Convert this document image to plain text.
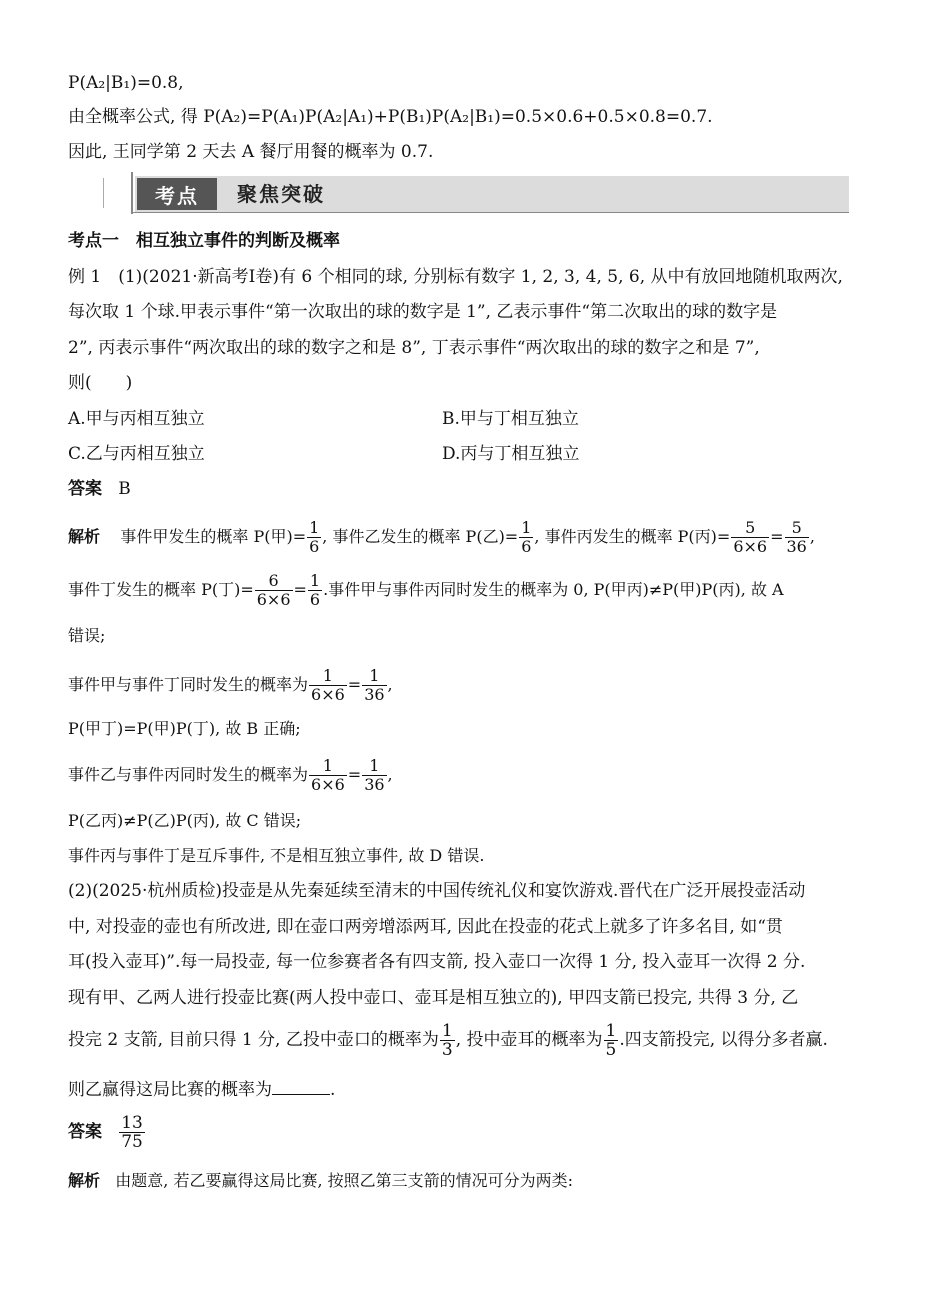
P(A₂|B₁)=0.8,
由全概率公式, 得 P(A₂)=P(A₁)P(A₂|A₁)+P(B₁)P(A₂|B₁)=0.5×0.6+0.5×0.8=0.7.
因此, 王同学第 2 天去 A 餐厅用餐的概率为 0.7.
考点	聚焦突破
考点一　相互独立事件的判断及概率
例 1　(1)(2021·新高考Ⅰ卷)有 6 个相同的球, 分别标有数字 1, 2, 3, 4, 5, 6, 从中有放回地随机取两次,
每次取 1 个球.甲表示事件“第一次取出的球的数字是 1”, 乙表示事件“第二次取出的球的数字是
2”, 丙表示事件“两次取出的球的数字之和是 8”, 丁表示事件“两次取出的球的数字之和是 7”,
则(　　)
A.甲与丙相互独立	B.甲与丁相互独立
C.乙与丙相互独立	D.丙与丁相互独立
答案 B
解析 事件甲发生的概率 P(甲)= $\frac{1}{6}$ , 事件乙发生的概率 P(乙)= $\frac{1}{6}$ , 事件丙发生的概率 P(丙)= $\frac{5}{6\times 6} = \frac{5}{36}$ ,
事件丁发生的概率 P(丁)= $\frac{6}{6\times 6} = \frac{1}{6}$ .事件甲与事件丙同时发生的概率为 0, P(甲丙)≠P(甲)P(丙), 故 A
错误;
事件甲与事件丁同时发生的概率为 $\frac{1}{6\times 6} = \frac{1}{36}$ ,
P(甲丁)=P(甲)P(丁), 故 B 正确;
事件乙与事件丙同时发生的概率为 $\frac{1}{6\times 6} = \frac{1}{36}$ ,
P(乙丙)≠P(乙)P(丙), 故 C 错误;
事件丙与事件丁是互斥事件, 不是相互独立事件, 故 D 错误.
(2)(2025·杭州质检)投壶是从先秦延续至清末的中国传统礼仪和宴饮游戏.晋代在广泛开展投壶活动
中, 对投壶的壶也有所改进, 即在壶口两旁增添两耳, 因此在投壶的花式上就多了许多名目, 如“贯
耳(投入壶耳)”.每一局投壶, 每一位参赛者各有四支箭, 投入壶口一次得 1 分, 投入壶耳一次得 2 分.
现有甲、乙两人进行投壶比赛(两人投中壶口、壶耳是相互独立的), 甲四支箭已投完, 共得 3 分, 乙
投完 2 支箭, 目前只得 1 分, 乙投中壶口的概率为 $\frac{1}{3}$ , 投中壶耳的概率为 $\frac{1}{5}$ .四支箭投完, 以得分多者赢.
则乙赢得这局比赛的概率为	.
答案 $\frac{13}{75}$
解析 由题意, 若乙要赢得这局比赛, 按照乙第三支箭的情况可分为两类:
